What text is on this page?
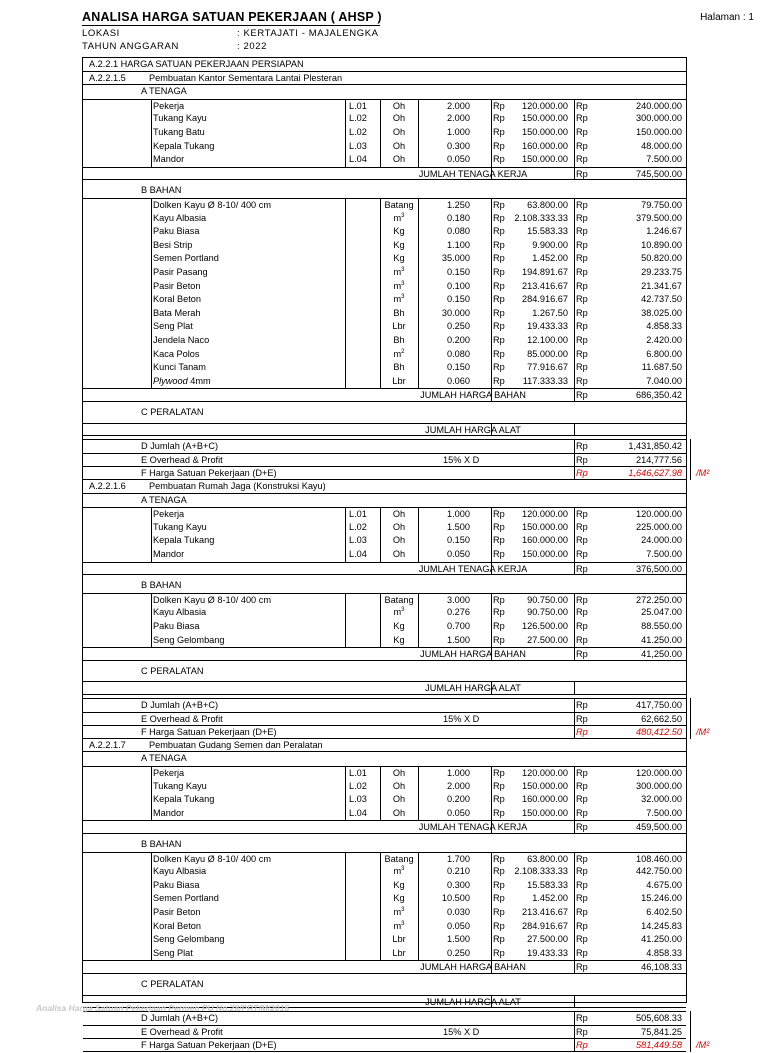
ANALISA HARGA SATUAN PEKERJAAN ( AHSP )	Halaman : 1
LOKASI	: KERTAJATI - MAJALENGKA
TAHUN ANGGARAN	: 2022
A.2.2.1 HARGA SATUAN PEKERJAAN PERSIAPAN
A.2.2.1.5	Pembuatan Kantor Sementara Lantai Plesteran
A TENAGA
Pekerja	L.01	Oh	2.000	Rp	120.000.00 Rp	240.000.00
Tukang Kayu	L.02	Oh	2.000	Rp	150.000.00 Rp	300.000.00
Tukang Batu	L.02	Oh	1.000	Rp	150.000.00 Rp	150.000.00
Kepala Tukang	L.03	Oh	0.300	Rp	160.000.00 Rp	48.000.00
Mandor	L.04	Oh	0.050	Rp	150.000.00 Rp	7.500.00
JUMLAH TENAGA KERJA	Rp	745,500.00
B BAHAN
Dolken Kayu Ø 8-10/ 400 cm	Batang	1.250	Rp	63.800.00 Rp	79.750.00
Kayu Albasia	$m^3$	0.180	Rp	2.108.333.33 Rp	379.500.00
Paku Biasa	Kg	0.080	Rp	15.583.33 Rp	1.246.67
Besi Strip	Kg	1.100	Rp	9.900.00 Rp	10.890.00
Semen Portland	Kg	35.000	Rp	1.452.00 Rp	50.820.00
Pasir Pasang	$m^3$	0.150	Rp	194.891.67 Rp	29.233.75
Pasir Beton	$m^3$	0.100	Rp	213.416.67 Rp	21.341.67
Koral Beton	$m^3$	0.150	Rp	284.916.67 Rp	42.737.50
Bata Merah	Bh	30.000	Rp	1.267.50 Rp	38.025.00
Seng Plat	Lbr	0.250	Rp	19.433.33 Rp	4.858.33
Jendela Naco	Bh	0.200	Rp	12.100.00 Rp	2.420.00
Kaca Polos	$m^2$	0.080	Rp	85.000.00 Rp	6.800.00
Kunci Tanam	Bh	0.150	Rp	77.916.67 Rp	11.687.50
Plywood 4mm	Lbr	0.060	Rp	117.333.33 Rp	7.040.00
JUMLAH HARGA BAHAN	Rp	686,350.42
C PERALATAN
JUMLAH HARGA ALAT
D Jumlah (A+B+C)	Rp	1,431,850.42
E Overhead & Profit	15% X D	Rp	214,777.56
F Harga Satuan Pekerjaan (D+E)	Rp	1,646,627.98 /M²
A.2.2.1.6	Pembuatan Rumah Jaga (Konstruksi Kayu)
A TENAGA
Pekerja	L.01	Oh	1.000	Rp	120.000.00 Rp	120.000.00
Tukang Kayu	L.02	Oh	1.500	Rp	150.000.00 Rp	225.000.00
Kepala Tukang	L.03	Oh	0.150	Rp	160.000.00 Rp	24.000.00
Mandor	L.04	Oh	0.050	Rp	150.000.00 Rp	7.500.00
JUMLAH TENAGA KERJA	Rp	376,500.00
B BAHAN
Dolken Kayu Ø 8-10/ 400 cm	Batang	3.000	Rp	90.750.00 Rp	272.250.00
Kayu Albasia	$m^3$	0.276	Rp	90.750.00 Rp	25.047.00
Paku Biasa	Kg	0.700	Rp	126.500.00 Rp	88.550.00
Seng Gelombang	Kg	1.500	Rp	27.500.00 Rp	41.250.00
JUMLAH HARGA BAHAN	Rp	41,250.00
C PERALATAN
JUMLAH HARGA ALAT
D Jumlah (A+B+C)	Rp	417,750.00
E Overhead & Profit	15% X D	Rp	62,662.50
F Harga Satuan Pekerjaan (D+E)	Rp	480,412.50 /M²
A.2.2.1.7	Pembuatan Gudang Semen dan Peralatan
A TENAGA
Pekerja	L.01	Oh	1.000	Rp	120.000.00 Rp	120.000.00
Tukang Kayu	L.02	Oh	2.000	Rp	150.000.00 Rp	300.000.00
Kepala Tukang	L.03	Oh	0.200	Rp	160.000.00 Rp	32.000.00
Mandor	L.04	Oh	0.050	Rp	150.000.00 Rp	7.500.00
JUMLAH TENAGA KERJA	Rp	459,500.00
B BAHAN
Dolken Kayu Ø 8-10/ 400 cm	Batang	1.700	Rp	63.800.00 Rp	108.460.00
Kayu Albasia	$m^3$	0.210	Rp	2.108.333.33 Rp	442.750.00
Paku Biasa	Kg	0.300	Rp	15.583.33 Rp	4.675.00
Semen Portland	Kg	10.500	Rp	1.452.00 Rp	15.246.00
Pasir Beton	$m^3$	0.030	Rp	213.416.67 Rp	6.402.50
Koral Beton	$m^3$	0.050	Rp	284.916.67 Rp	14.245.83
Seng Gelombang	Lbr	1.500	Rp	27.500.00 Rp	41.250.00
Seng Plat	Lbr	0.250	Rp	19.433.33 Rp	4.858.33
JUMLAH HARGA BAHAN	Rp	46,108.33
C PERALATAN
JUMLAH HARGA ALAT
D Jumlah (A+B+C)	Rp	505,608.33
E Overhead & Profit	15% X D	Rp	75,841.25
F Harga Satuan Pekerjaan (D+E)	Rp	581,449.58 /M²
Analisa Harga Satuan Pekerjaan Permen PU No.28/PRT/M/2016
